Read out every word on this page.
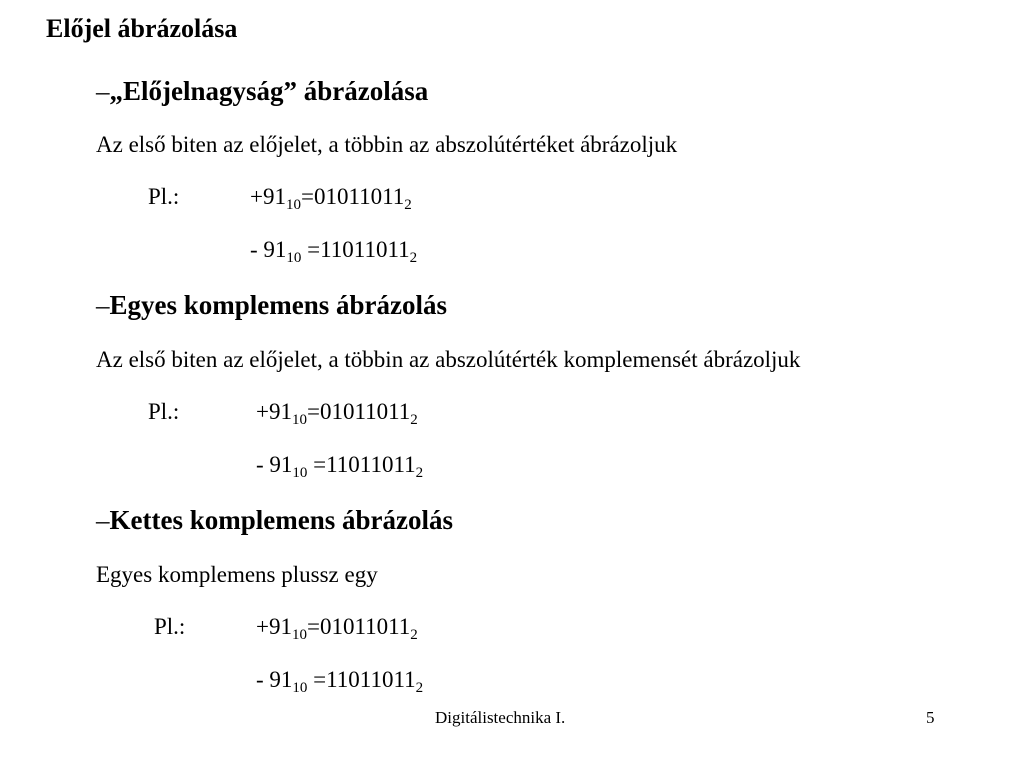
Előjel ábrázolása
–„Előjelnagyság” ábrázolása
Az első biten az előjelet, a többin az abszolútértéket ábrázoljuk
Pl.:	$+91_{10}=01011011_2$
- $91_{10} =11011011_2$
–Egyes komplemens ábrázolás
Az első biten az előjelet, a többin az abszolútérték komplemensét ábrázoljuk
Pl.:	$+91_{10}=01011011_2$
- $91_{10} =11011011_2$
–Kettes komplemens ábrázolás
Egyes komplemens plussz egy
Pl.:	$+91_{10}=01011011_2$
- $91_{10} =11011011_2$
Digitálistechnika I.	5
